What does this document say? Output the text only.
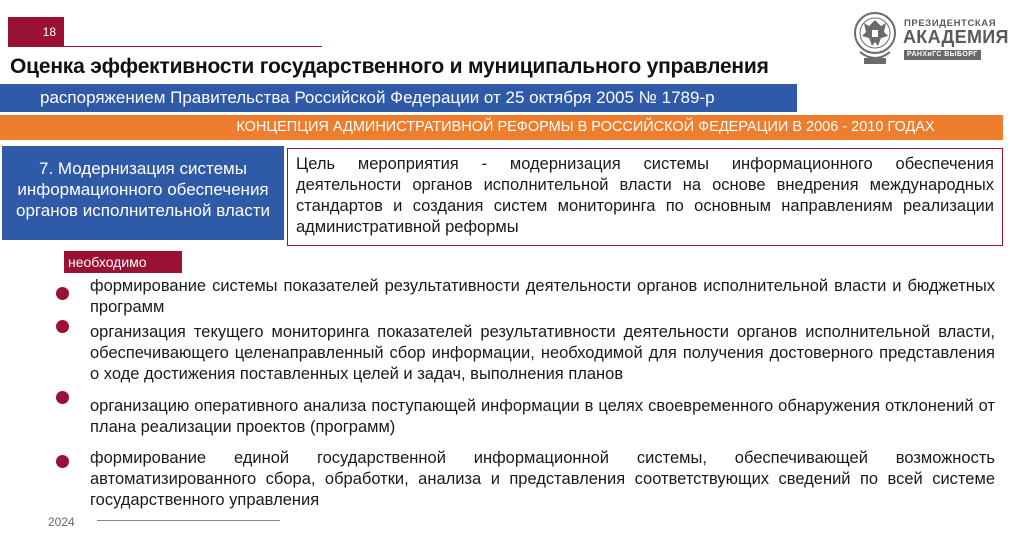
18
ПРЕЗИДЕНТСКАЯ
АКАДЕМИЯ
РАНХиГС ВЫБОРГ
Оценка эффективности государственного и муниципального управления
распоряжением Правительства Российской Федерации от 25 октября 2005 № 1789-р
КОНЦЕПЦИЯ АДМИНИСТРАТИВНОЙ РЕФОРМЫ В РОССИЙСКОЙ ФЕДЕРАЦИИ В 2006 - 2010 ГОДАХ
7. Модернизация системы
информационного обеспечения
органов исполнительной власти
Цель мероприятия - модернизация системы информационного обеспечения деятельности органов исполнительной власти на основе внедрения международных стандартов и создания систем мониторинга по основным направлениям реализации административной реформы
необходимо
формирование системы показателей результативности деятельности органов исполнительной власти и бюджетных программ
организация текущего мониторинга показателей результативности деятельности органов исполнительной власти, обеспечивающего целенаправленный сбор информации, необходимой для получения достоверного представления о ходе достижения поставленных целей и задач, выполнения планов
организацию оперативного анализа поступающей информации в целях своевременного обнаружения отклонений от плана реализации проектов (программ)
формирование единой государственной информационной системы, обеспечивающей возможность автоматизированного сбора, обработки, анализа и представления соответствующих сведений по всей системе государственного управления
2024
